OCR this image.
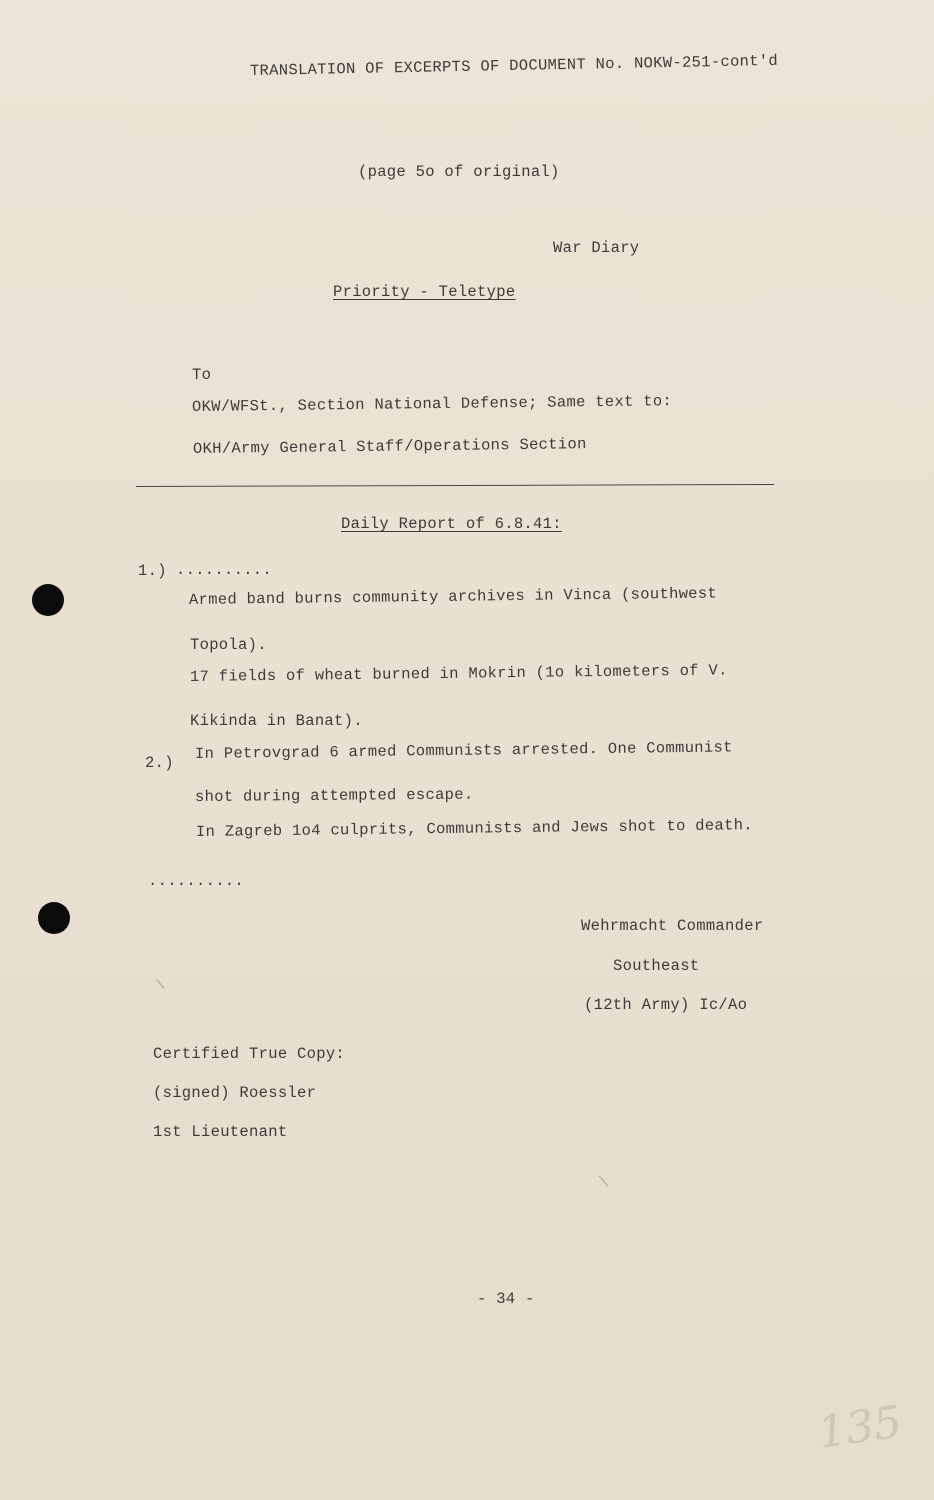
TRANSLATION OF EXCERPTS OF DOCUMENT No. NOKW-251-cont'd
(page 5o of original)
War Diary
Priority - Teletype
To
OKW/WFSt., Section National Defense; Same text to:
OKH/Army General Staff/Operations Section
Daily Report of 6.8.41:
1.) ..........
Armed band burns community archives in Vinca (southwest
Topola).
17 fields of wheat burned in Mokrin (1o kilometers of V.
Kikinda in Banat).
2.)
In Petrovgrad 6 armed Communists arrested. One Communist
shot during attempted escape.
In Zagreb 1o4 culprits, Communists and Jews shot to death.
..........
Wehrmacht Commander
Southeast
(12th Army) Ic/Ao
Certified True Copy:
(signed) Roessler
1st Lieutenant
- 34 -
135
